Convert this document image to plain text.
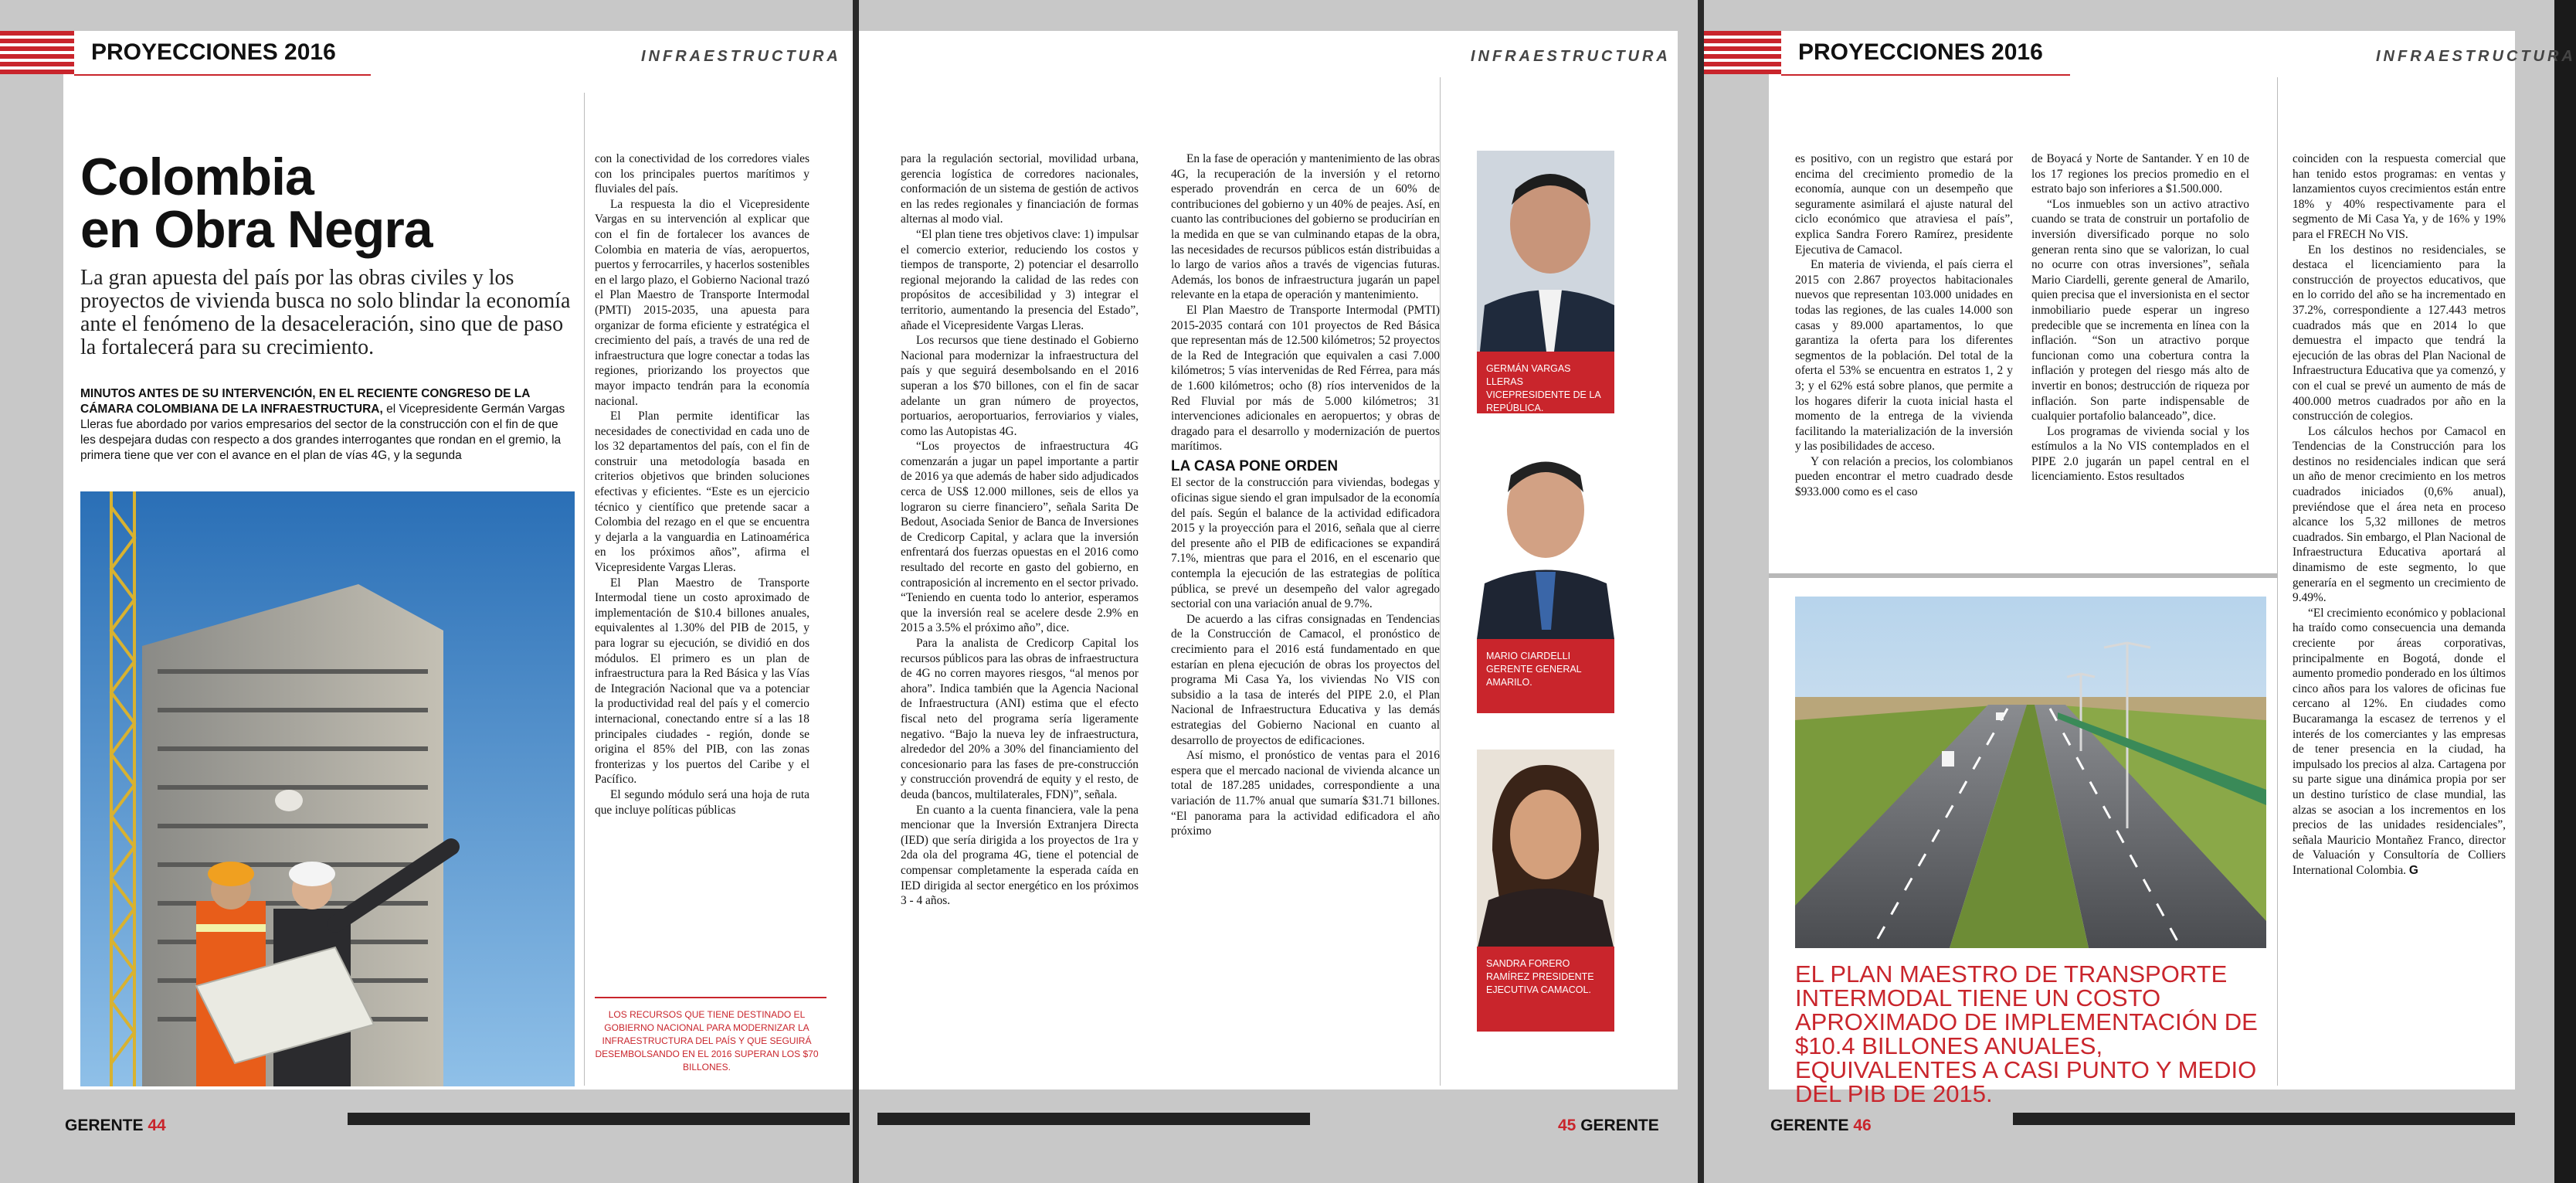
PROYECCIONES 2016	INFRAESTRUCTURA
Colombia
en Obra Negra
La gran apuesta del país por las obras civiles y los proyectos de vivienda busca no solo blindar la economía ante el fenómeno de la desaceleración, sino que de paso la fortalecerá para su crecimiento.
MINUTOS ANTES DE SU INTERVENCIÓN, EN EL RECIENTE CONGRESO DE LA CÁMARA COLOMBIANA DE LA INFRAESTRUCTURA, el Vicepresidente Germán Vargas Lleras fue abordado por varios empresarios del sector de la construcción con el fin de que les despejara dudas con respecto a dos grandes interrogantes que rondan en el gremio, la primera tiene que ver con el avance en el plan de vías 4G, y la segunda

con la conectividad de los corredores viales con los principales puertos marítimos y fluviales del país.

La respuesta la dio el Vicepresidente Vargas en su intervención al explicar que con el fin de fortalecer los avances de Colombia en materia de vías, aeropuertos, puertos y ferrocarriles, y hacerlos sostenibles en el largo plazo, el Gobierno Nacional trazó el Plan Maestro de Transporte Intermodal (PMTI) 2015-2035, una apuesta para organizar de forma eficiente y estratégica el crecimiento del país, a través de una red de infraestructura que logre conectar a todas las regiones, priorizando los proyectos que mayor impacto tendrán para la economía nacional.

El Plan permite identificar las necesidades de conectividad en cada uno de los 32 departamentos del país, con el fin de construir una metodología basada en criterios objetivos que brinden soluciones efectivas y eficientes. “Este es un ejercicio técnico y científico que pretende sacar a Colombia del rezago en el que se encuentra y dejarla a la vanguardia en Latinoamérica en los próximos años”, afirma el Vicepresidente Vargas Lleras.

El Plan Maestro de Transporte Intermodal tiene un costo aproximado de implementación de $10.4 billones anuales, equivalentes al 1.30% del PIB de 2015, y para lograr su ejecución, se dividió en dos módulos. El primero es un plan de infraestructura para la Red Básica y las Vías de Integración Nacional que va a potenciar la productividad real del país y el comercio internacional, conectando entre sí a las 18 principales ciudades - región, donde se origina el 85% del PIB, con las zonas fronterizas y los puertos del Caribe y el Pacífico.

El segundo módulo será una hoja de ruta que incluye políticas públicas

LOS RECURSOS QUE TIENE DESTINADO EL GOBIERNO NACIONAL PARA MODERNIZAR LA INFRAESTRUCTURA DEL PAÍS Y QUE SEGUIRÁ DESEMBOLSANDO EN EL 2016 SUPERAN LOS $70 BILLONES.
GERENTE 44
INFRAESTRUCTURA

para la regulación sectorial, movilidad urbana, gerencia logística de corredores nacionales, conformación de un sistema de gestión de activos en las redes regionales y financiación de formas alternas al modo vial.

“El plan tiene tres objetivos clave: 1) impulsar el comercio exterior, reduciendo los costos y tiempos de transporte, 2) potenciar el desarrollo regional mejorando la calidad de las redes con propósitos de accesibilidad y 3) integrar el territorio, aumentando la presencia del Estado”, añade el Vicepresidente Vargas Lleras.

Los recursos que tiene destinado el Gobierno Nacional para modernizar la infraestructura del país y que seguirá desembolsando en el 2016 superan a los $70 billones, con el fin de sacar adelante un gran número de proyectos, portuarios, aeroportuarios, ferroviarios y viales, como las Autopistas 4G.

“Los proyectos de infraestructura 4G comenzarán a jugar un papel importante a partir de 2016 ya que además de haber sido adjudicados cerca de US$ 12.000 millones, seis de ellos ya lograron su cierre financiero”, señala Sarita De Bedout, Asociada Senior de Banca de Inversiones de Credicorp Capital, y aclara que la inversión enfrentará dos fuerzas opuestas en el 2016 como resultado del recorte en gasto del gobierno, en contraposición al incremento en el sector privado. “Teniendo en cuenta todo lo anterior, esperamos que la inversión real se acelere desde 2.9% en 2015 a 3.5% el próximo año”, dice.

Para la analista de Credicorp Capital los recursos públicos para las obras de infraestructura de 4G no corren mayores riesgos, “al menos por ahora”. Indica también que la Agencia Nacional de Infraestructura (ANI) estima que el efecto fiscal neto del programa sería ligeramente negativo. “Bajo la nueva ley de infraestructura, alrededor del 20% a 30% del financiamiento del concesionario para las fases de pre-construcción y construcción provendrá de equity y el resto, de deuda (bancos, multilaterales, FDN)”, señala.

En cuanto a la cuenta financiera, vale la pena mencionar que la Inversión Extranjera Directa (IED) que sería dirigida a los proyectos de 1ra y 2da ola del programa 4G, tiene el potencial de compensar completamente la esperada caída en IED dirigida al sector energético en los próximos 3 - 4 años.

En la fase de operación y mantenimiento de las obras 4G, la recuperación de la inversión y el retorno esperado provendrán en cerca de un 60% de contribuciones del gobierno y un 40% de peajes. Así, en cuanto las contribuciones del gobierno se producirían en la medida en que se van culminando etapas de la obra, las necesidades de recursos públicos están distribuidas a lo largo de varios años a través de vigencias futuras. Además, los bonos de infraestructura jugarán un papel relevante en la etapa de operación y mantenimiento.

El Plan Maestro de Transporte Intermodal (PMTI) 2015-2035 contará con 101 proyectos de Red Básica que representan más de 12.500 kilómetros; 52 proyectos de la Red de Integración que equivalen a casi 7.000 kilómetros; 5 vías intervenidas de Red Férrea, para más de 1.600 kilómetros; ocho (8) ríos intervenidos de la Red Fluvial por más de 5.000 kilómetros; 31 intervenciones adicionales en aeropuertos; y obras de dragado para el desarrollo y modernización de puertos marítimos.

LA CASA PONE ORDEN

El sector de la construcción para viviendas, bodegas y oficinas sigue siendo el gran impulsador de la economía del país. Según el balance de la actividad edificadora 2015 y la proyección para el 2016, señala que al cierre del presente año el PIB de edificaciones se expandirá 7.1%, mientras que para el 2016, en el escenario que contempla la ejecución de las estrategias de política pública, se prevé un desempeño del valor agregado sectorial con una variación anual de 9.7%.

De acuerdo a las cifras consignadas en Tendencias de la Construcción de Camacol, el pronóstico de crecimiento para el 2016 está fundamentado en que estarían en plena ejecución de obras los proyectos del programa Mi Casa Ya, los viviendas No VIS con subsidio a la tasa de interés del PIPE 2.0, el Plan Nacional de Infraestructura Educativa y las demás estrategias del Gobierno Nacional en cuanto al desarrollo de proyectos de edificaciones.

Así mismo, el pronóstico de ventas para el 2016 espera que el mercado nacional de vivienda alcance un total de 187.285 unidades, correspondiente a una variación de 11.7% anual que sumaría $31.71 billones. “El panorama para la actividad edificadora el año próximo

GERMÁN VARGAS LLERAS VICEPRESIDENTE DE LA REPÚBLICA.
MARIO CIARDELLI GERENTE GENERAL AMARILO.
SANDRA FORERO RAMÍREZ PRESIDENTE EJECUTIVA CAMACOL.
45 GERENTE
PROYECCIONES 2016	INFRAESTRUCTURA

es positivo, con un registro que estará por encima del crecimiento promedio de la economía, aunque con un desempeño que seguramente asimilará el ajuste natural del ciclo económico que atraviesa el país”, explica Sandra Forero Ramírez, presidente Ejecutiva de Camacol.

En materia de vivienda, el país cierra el 2015 con 2.867 proyectos habitacionales nuevos que representan 103.000 unidades en todas las regiones, de las cuales 14.000 son casas y 89.000 apartamentos, lo que garantiza la oferta para los diferentes segmentos de la población. Del total de la oferta el 53% se encuentra en estratos 1, 2 y 3; y el 62% está sobre planos, que permite a los hogares diferir la cuota inicial hasta el momento de la entrega de la vivienda facilitando la materialización de la inversión y las posibilidades de acceso.

Y con relación a precios, los colombianos pueden encontrar el metro cuadrado desde $933.000 como es el caso

de Boyacá y Norte de Santander. Y en 10 de los 17 regiones los precios promedio en el estrato bajo son inferiores a $1.500.000.

“Los inmuebles son un activo atractivo cuando se trata de construir un portafolio de inversión diversificado porque no solo generan renta sino que se valorizan, lo cual no ocurre con otras inversiones”, señala Mario Ciardelli, gerente general de Amarilo, quien precisa que el inversionista en el sector inmobiliario puede esperar un ingreso predecible que se incrementa en línea con la inflación. “Son un atractivo porque funcionan como una cobertura contra la inflación y protegen del riesgo más alto de invertir en bonos; destrucción de riqueza por inflación. Son parte indispensable de cualquier portafolio balanceado”, dice.

Los programas de vivienda social y los estímulos a la No VIS contemplados en el PIPE 2.0 jugarán un papel central en el licenciamiento. Estos resultados

coinciden con la respuesta comercial que han tenido estos programas: en ventas y lanzamientos cuyos crecimientos están entre 18% y 40% respectivamente para el segmento de Mi Casa Ya, y de 16% y 19% para el FRECH No VIS.

En los destinos no residenciales, se destaca el licenciamiento para la construcción de proyectos educativos, que en lo corrido del año se ha incrementado en 37.2%, correspondiente a 127.443 metros cuadrados más que en 2014 lo que demuestra el impacto que tendrá la ejecución de las obras del Plan Nacional de Infraestructura Educativa que ya comenzó, y con el cual se prevé un aumento de más de 400.000 metros cuadrados por año en la construcción de colegios.

Los cálculos hechos por Camacol en Tendencias de la Construcción para los destinos no residenciales indican que será un año de menor crecimiento en los metros cuadrados iniciados (0,6% anual), previéndose que el área neta en proceso alcance los 5,32 millones de metros cuadrados. Sin embargo, el Plan Nacional de Infraestructura Educativa aportará al dinamismo de este segmento, lo que generaría en el segmento un crecimiento de 9.49%.

“El crecimiento económico y poblacional ha traído como consecuencia una demanda creciente por áreas corporativas, principalmente en Bogotá, donde el aumento promedio ponderado en los últimos cinco años para los valores de oficinas fue cercano al 12%. En ciudades como Bucaramanga la escasez de terrenos y el interés de los comerciantes y las empresas de tener presencia en la ciudad, ha impulsado los precios al alza. Cartagena por su parte sigue una dinámica propia por ser un destino turístico de clase mundial, las alzas se asocian a los incrementos en los precios de las unidades residenciales”, señala Mauricio Montañez Franco, director de Valuación y Consultoría de Colliers International Colombia. G

EL PLAN MAESTRO DE TRANSPORTE INTERMODAL TIENE UN COSTO APROXIMADO DE IMPLEMENTACIÓN DE $10.4 BILLONES ANUALES, EQUIVALENTES A CASI PUNTO Y MEDIO DEL PIB DE 2015.
GERENTE 46
